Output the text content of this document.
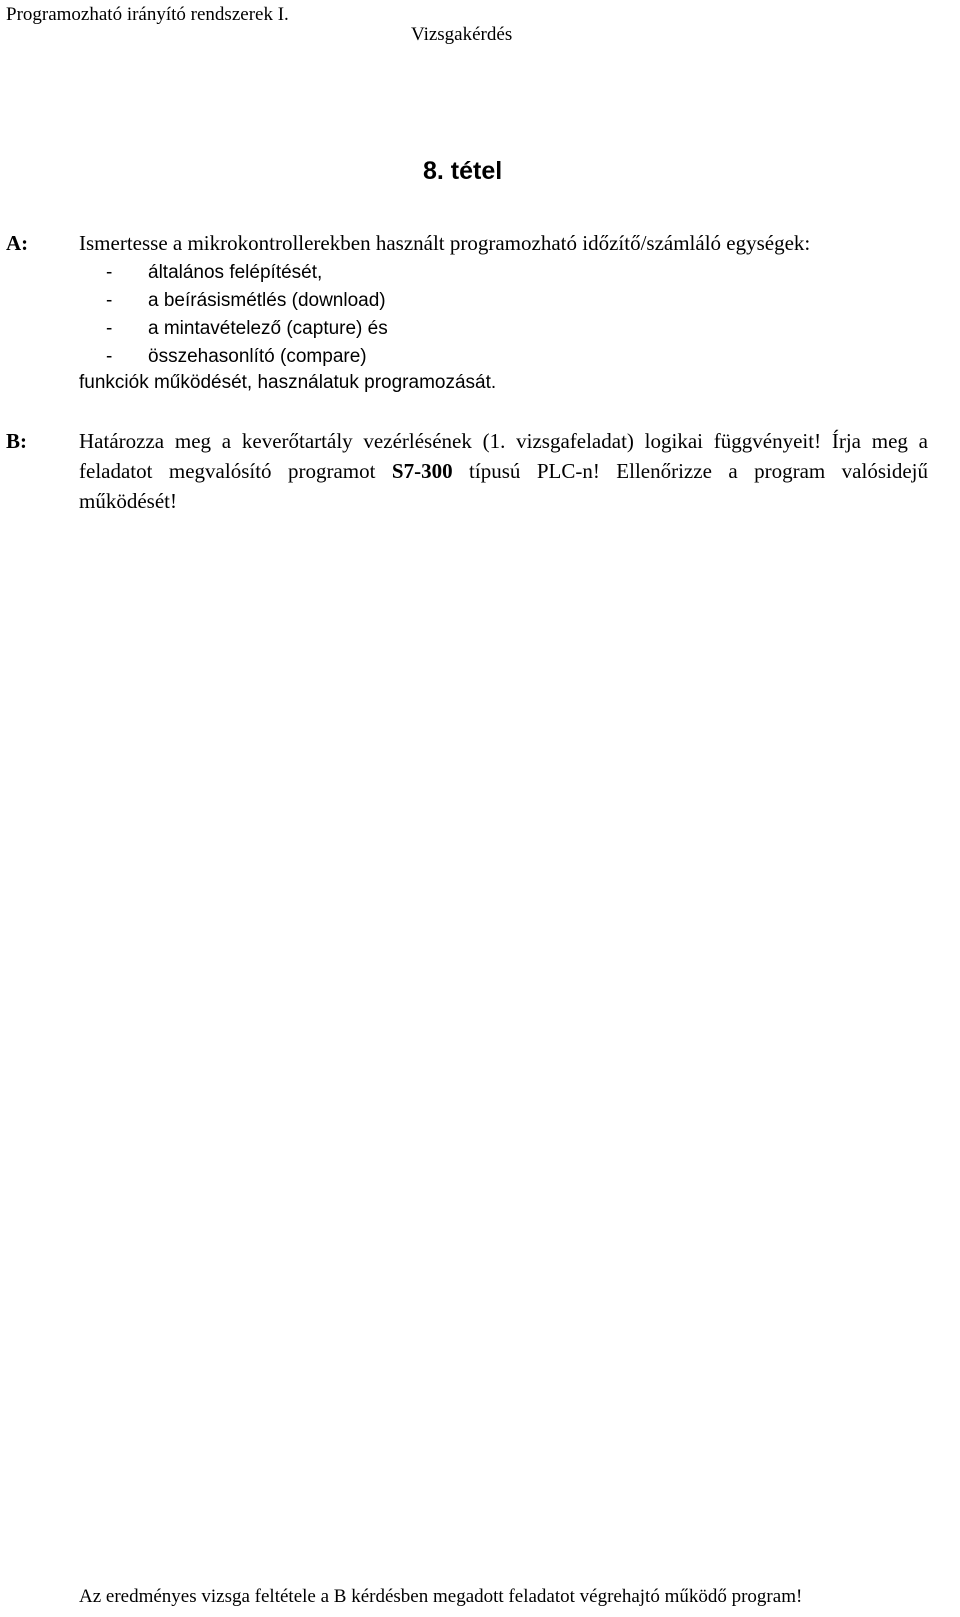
Programozható irányító rendszerek I.
Vizsgakérdés
8. tétel
A: Ismertesse a mikrokontrollerekben használt programozható időzítő/számláló egységek:
-	általános felépítését,
-	a beírásismétlés (download)
-	a mintavételező (capture) és
-	összehasonlító (compare)
funkciók működését, használatuk programozását.
B: Határozza meg a keverőtartály vezérlésének (1. vizsgafeladat) logikai függvényeit! Írja meg a feladatot megvalósító programot S7-300 típusú PLC-n! Ellenőrizze a program valósidejű működését!
Az eredményes vizsga feltétele a B kérdésben megadott feladatot végrehajtó működő program!
